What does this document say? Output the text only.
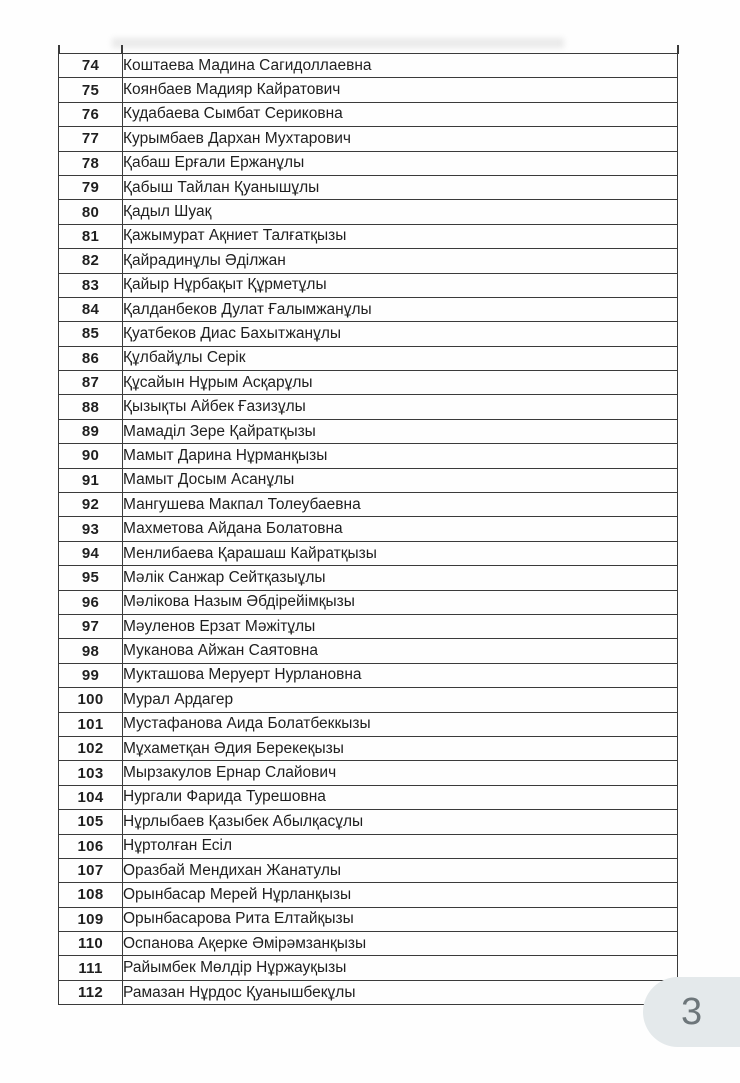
74	Коштаева Мадина Сагидоллаевна
75	Коянбаев Мадияр Кайратович
76	Кудабаева Сымбат Сериковна
77	Курымбаев Дархан Мухтарович
78	Қабаш Ерғали Ержанұлы
79	Қабыш Тайлан Қуанышұлы
80	Қадыл Шуақ
81	Қажымурат Ақниет Талғатқызы
82	Қайрадинұлы Әділжан
83	Қайыр Нұрбақыт Құрметұлы
84	Қалданбеков Дулат Ғалымжанұлы
85	Қуатбеков Диас Бахытжанұлы
86	Құлбайұлы Серік
87	Құсайын Нұрым Асқарұлы
88	Қызықты Айбек Ғазизұлы
89	Мамаділ Зере Қайратқызы
90	Мамыт Дарина Нұрманқызы
91	Мамыт Досым Асанұлы
92	Мангушева Макпал Толеубаевна
93	Махметова Айдана Болатовна
94	Менлибаева Қарашаш Кайратқызы
95	Мәлік Санжар Сейтқазыұлы
96	Мәлікова Назым Әбдірейімқызы
97	Мәуленов Ерзат Мәжітұлы
98	Муканова Айжан Саятовна
99	Мукташова Меруерт Нурлановна
100	Мурал Ардагер
101	Мустафанова Аида Болатбеккызы
102	Мұхаметқан Әдия Берекеқызы
103	Мырзакулов Ернар Слайович
104	Нургали Фарида Турешовна
105	Нұрлыбаев Қазыбек Абылқасұлы
106	Нұртолған Есіл
107	Оразбай Мендихан Жанатулы
108	Орынбасар Мерей Нұрланқызы
109	Орынбасарова Рита Елтайқызы
110	Оспанова Ақерке Әмірәмзанқызы
111	Райымбек Мөлдір Нұржауқызы
112	Рамазан Нұрдос Қуанышбекұлы	3
